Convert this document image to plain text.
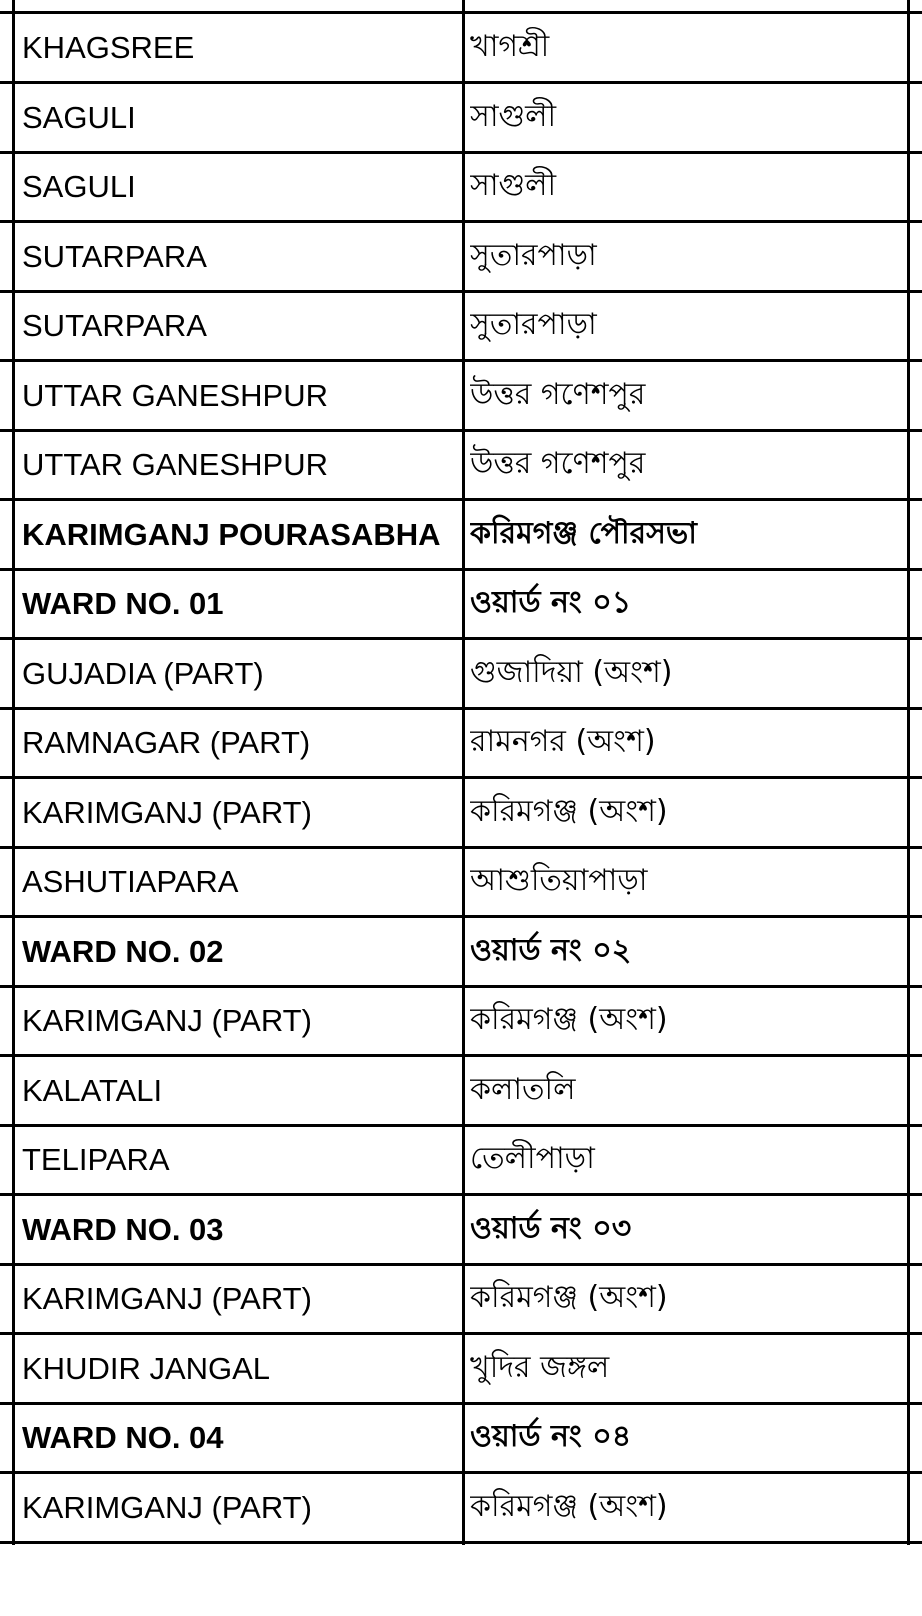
KHAGSREE	খাগশ্রী
SAGULI	সাগুলী
SAGULI	সাগুলী
SUTARPARA	সুতারপাড়া
SUTARPARA	সুতারপাড়া
UTTAR GANESHPUR	উত্তর গণেশপুর
UTTAR GANESHPUR	উত্তর গণেশপুর
KARIMGANJ POURASABHA করিমগঞ্জ পৌরসভা
WARD NO. 01	ওয়ার্ড নং ০১
GUJADIA (PART)	গুজাদিয়া (অংশ)
RAMNAGAR (PART)	রামনগর (অংশ)
KARIMGANJ (PART)	করিমগঞ্জ (অংশ)
ASHUTIAPARA	আশুতিয়াপাড়া
WARD NO. 02	ওয়ার্ড নং ০২
KARIMGANJ (PART)	করিমগঞ্জ (অংশ)
KALATALI	কলাতলি
TELIPARA	তেলীপাড়া
WARD NO. 03	ওয়ার্ড নং ০৩
KARIMGANJ (PART)	করিমগঞ্জ (অংশ)
KHUDIR JANGAL	খুদির জঙ্গল
WARD NO. 04	ওয়ার্ড নং ০৪
KARIMGANJ (PART)	করিমগঞ্জ (অংশ)
